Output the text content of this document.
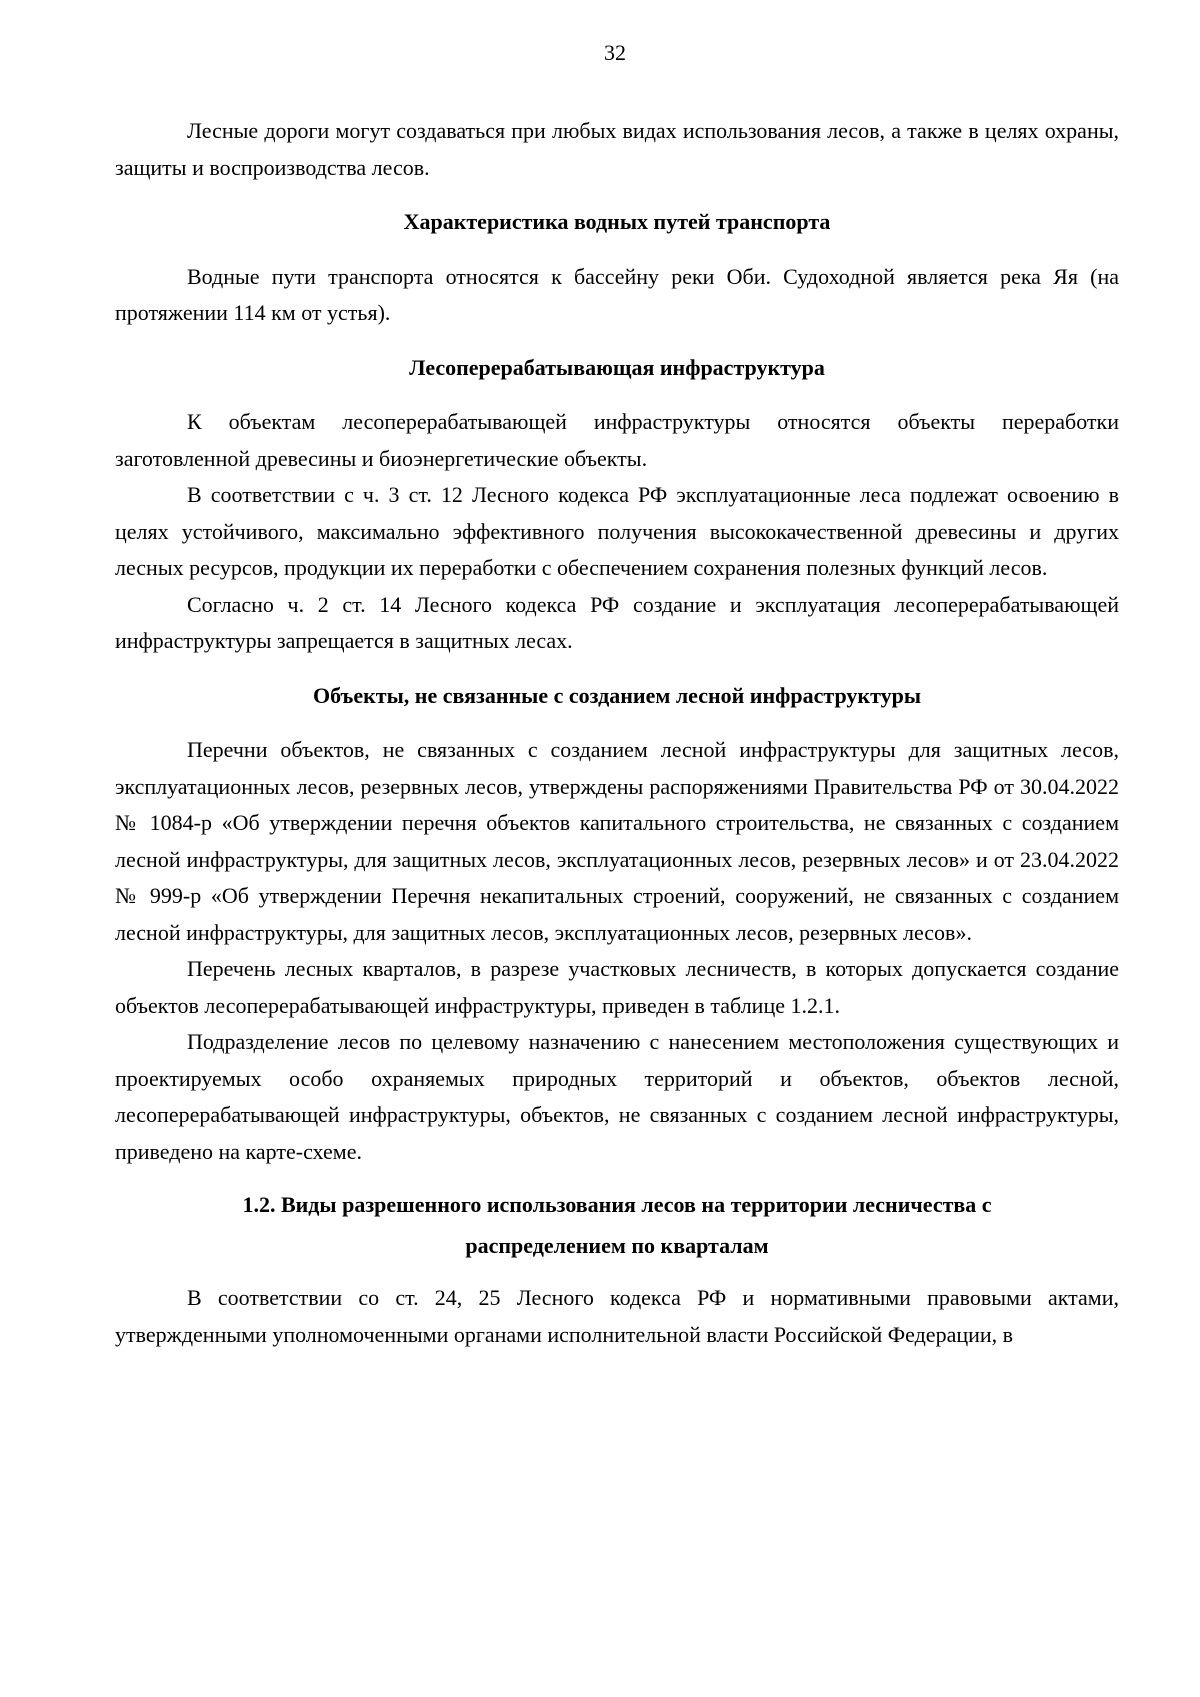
32

Лесные дороги могут создаваться при любых видах использования лесов, а также в целях охраны, защиты и воспроизводства лесов.

Характеристика водных путей транспорта

Водные пути транспорта относятся к бассейну реки Оби. Судоходной является река Яя (на протяжении 114 км от устья).

Лесоперерабатывающая инфраструктура

К объектам лесоперерабатывающей инфраструктуры относятся объекты переработки заготовленной древесины и биоэнергетические объекты.

В соответствии с ч. 3 ст. 12 Лесного кодекса РФ эксплуатационные леса подлежат освоению в целях устойчивого, максимально эффективного получения высококачественной древесины и других лесных ресурсов, продукции их переработки с обеспечением сохранения полезных функций лесов.

Согласно ч. 2 ст. 14 Лесного кодекса РФ создание и эксплуатация лесоперерабатывающей инфраструктуры запрещается в защитных лесах.

Объекты, не связанные с созданием лесной инфраструктуры

Перечни объектов, не связанных с созданием лесной инфраструктуры для защитных лесов, эксплуатационных лесов, резервных лесов, утверждены распоряжениями Правительства РФ от 30.04.2022 № 1084-р «Об утверждении перечня объектов капитального строительства, не связанных с созданием лесной инфраструктуры, для защитных лесов, эксплуатационных лесов, резервных лесов» и от 23.04.2022 № 999-р «Об утверждении Перечня некапитальных строений, сооружений, не связанных с созданием лесной инфраструктуры, для защитных лесов, эксплуатационных лесов, резервных лесов».

Перечень лесных кварталов, в разрезе участковых лесничеств, в которых допускается создание объектов лесоперерабатывающей инфраструктуры, приведен в таблице 1.2.1.

Подразделение лесов по целевому назначению с нанесением местоположения существующих и проектируемых особо охраняемых природных территорий и объектов, объектов лесной, лесоперерабатывающей инфраструктуры, объектов, не связанных с созданием лесной инфраструктуры, приведено на карте-схеме.

1.2. Виды разрешенного использования лесов на территории лесничества с
распределением по кварталам

В соответствии со ст. 24, 25 Лесного кодекса РФ и нормативными правовыми актами, утвержденными уполномоченными органами исполнительной власти Российской Федерации, в
